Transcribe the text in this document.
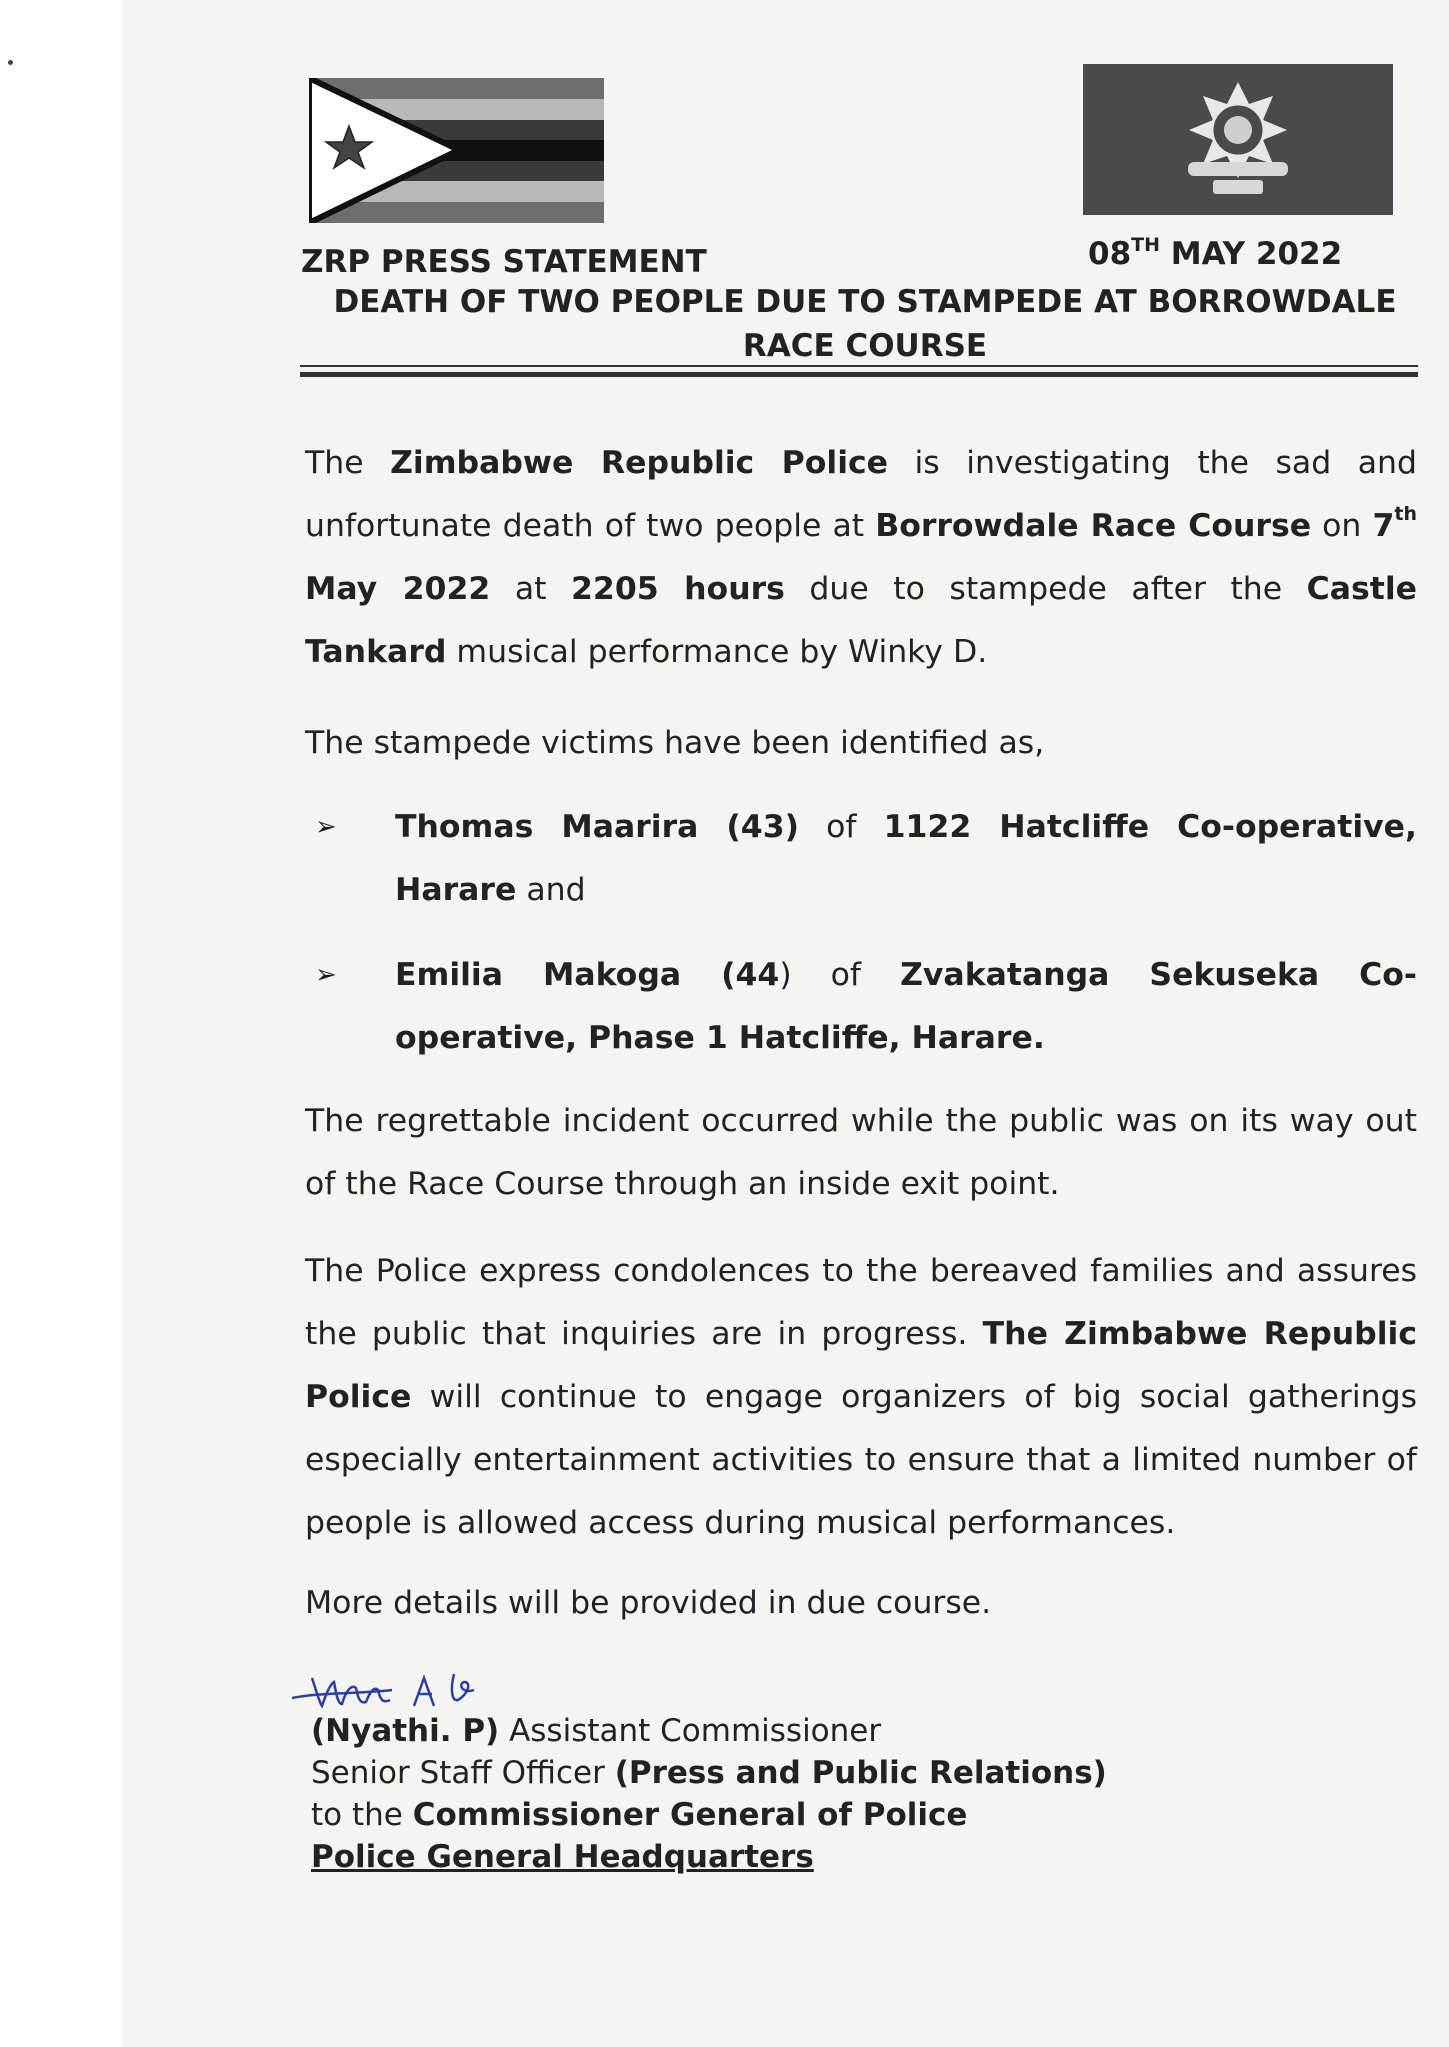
ZRP PRESS STATEMENT	08TH MAY 2022
DEATH OF TWO PEOPLE DUE TO STAMPEDE AT BORROWDALE
RACE COURSE
The Zimbabwe Republic Police is investigating the sad and unfortunate death of two people at Borrowdale Race Course on 7th May 2022 at 2205 hours due to stampede after the Castle Tankard musical performance by Winky D.
The stampede victims have been identified as,
➢ Thomas Maarira (43) of 1122 Hatcliffe Co-operative, Harare and
➢ Emilia Makoga (44) of Zvakatanga Sekuseka Co-operative, Phase 1 Hatcliffe, Harare.
The regrettable incident occurred while the public was on its way out of the Race Course through an inside exit point.
The Police express condolences to the bereaved families and assures the public that inquiries are in progress. The Zimbabwe Republic Police will continue to engage organizers of big social gatherings especially entertainment activities to ensure that a limited number of people is allowed access during musical performances.
More details will be provided in due course.
(Nyathi. P) Assistant Commissioner
Senior Staff Officer (Press and Public Relations)
to the Commissioner General of Police
Police General Headquarters
